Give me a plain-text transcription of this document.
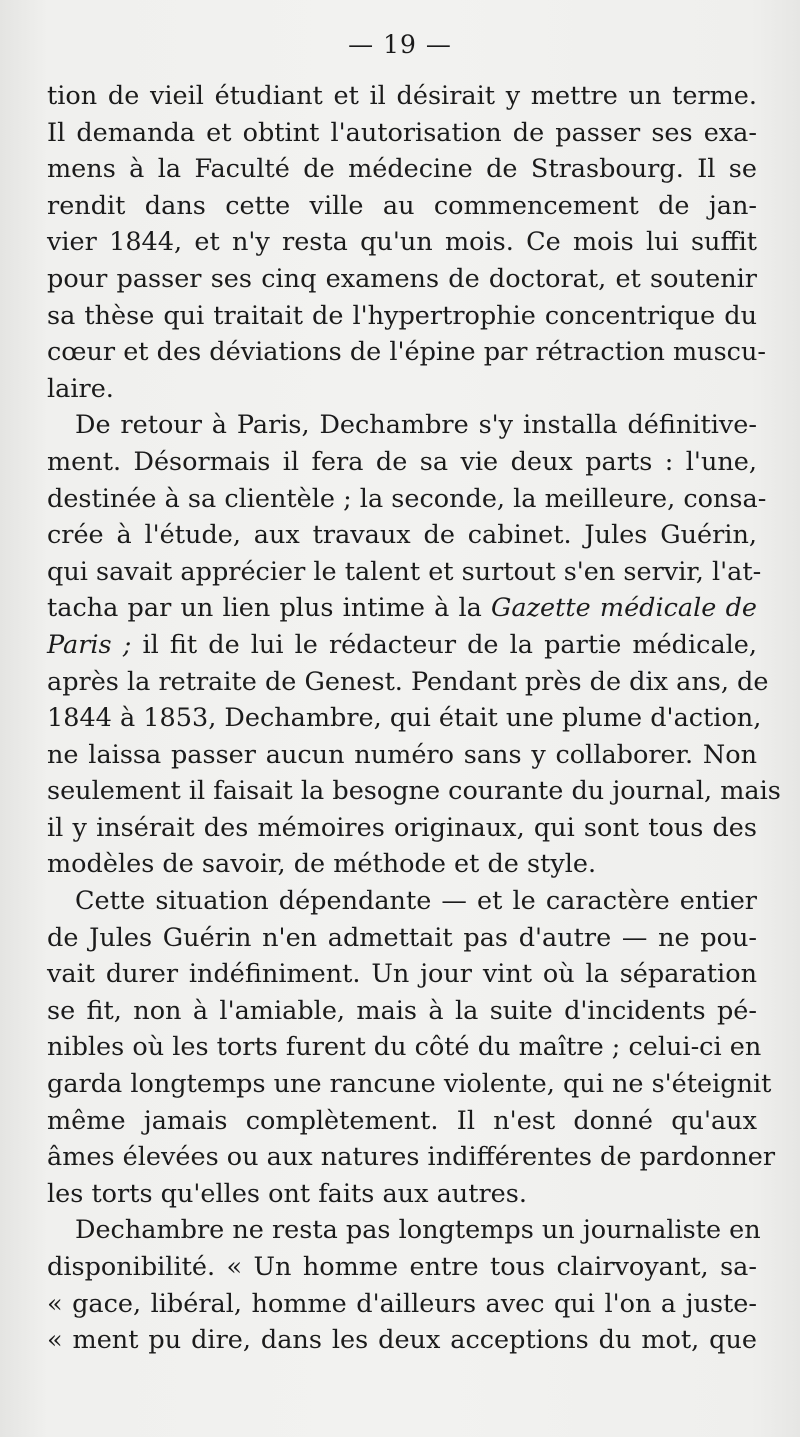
— 19 —
tion de vieil étudiant et il désirait y mettre un terme.
Il demanda et obtint l'autorisation de passer ses exa-
mens à la Faculté de médecine de Strasbourg. Il se
rendit dans cette ville au commencement de jan-
vier 1844, et n'y resta qu'un mois. Ce mois lui suffit
pour passer ses cinq examens de doctorat, et soutenir
sa thèse qui traitait de l'hypertrophie concentrique du
cœur et des déviations de l'épine par rétraction muscu-
laire.
De retour à Paris, Dechambre s'y installa définitive-
ment. Désormais il fera de sa vie deux parts : l'une,
destinée à sa clientèle ; la seconde, la meilleure, consa-
crée à l'étude, aux travaux de cabinet. Jules Guérin,
qui savait apprécier le talent et surtout s'en servir, l'at-
tacha par un lien plus intime à la Gazette médicale de
Paris ; il fit de lui le rédacteur de la partie médicale,
après la retraite de Genest. Pendant près de dix ans, de
1844 à 1853, Dechambre, qui était une plume d'action,
ne laissa passer aucun numéro sans y collaborer. Non
seulement il faisait la besogne courante du journal, mais
il y insérait des mémoires originaux, qui sont tous des
modèles de savoir, de méthode et de style.
Cette situation dépendante — et le caractère entier
de Jules Guérin n'en admettait pas d'autre — ne pou-
vait durer indéfiniment. Un jour vint où la séparation
se fit, non à l'amiable, mais à la suite d'incidents pé-
nibles où les torts furent du côté du maître ; celui-ci en
garda longtemps une rancune violente, qui ne s'éteignit
même jamais complètement. Il n'est donné qu'aux
âmes élevées ou aux natures indifférentes de pardonner
les torts qu'elles ont faits aux autres.
Dechambre ne resta pas longtemps un journaliste en
disponibilité. « Un homme entre tous clairvoyant, sa-
« gace, libéral, homme d'ailleurs avec qui l'on a juste-
« ment pu dire, dans les deux acceptions du mot, que
